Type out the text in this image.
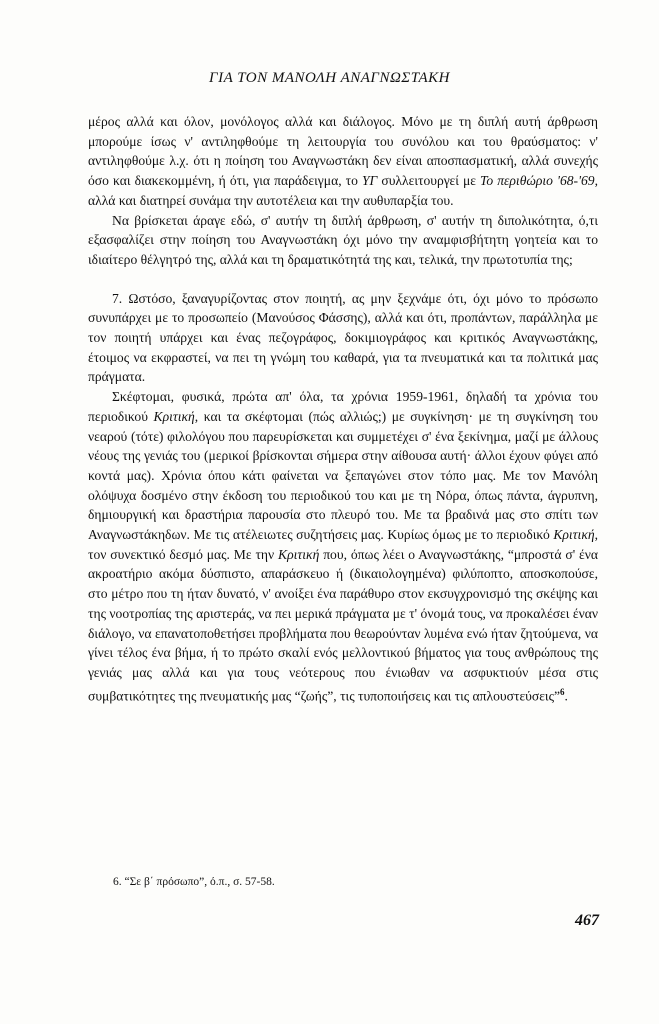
ΓΙΑ ΤΟΝ ΜΑΝΟΛΗ ΑΝΑΓΝΩΣΤΑΚΗ

μέρος αλλά και όλον, μονόλογος αλλά και διάλογος. Μόνο με τη διπλή αυτή άρθρωση μπορούμε ίσως ν' αντιληφθούμε τη λειτουργία του συνόλου και του θραύσματος: ν' αντιληφθούμε λ.χ. ότι η ποίηση του Αναγνωστάκη δεν είναι αποσπασματική, αλλά συνεχής όσο και διακεκομμένη, ή ότι, για παράδειγμα, το ΥΓ συλλειτουργεί με Το περιθώριο '68-'69, αλλά και διατηρεί συνάμα την αυτοτέλεια και την αυθυπαρξία του.

Να βρίσκεται άραγε εδώ, σ' αυτήν τη διπλή άρθρωση, σ' αυτήν τη διπολικότητα, ό,τι εξασφαλίζει στην ποίηση του Αναγνωστάκη όχι μόνο την αναμφισβήτητη γοητεία και το ιδιαίτερο θέλγητρό της, αλλά και τη δραματικότητά της και, τελικά, την πρωτοτυπία της;

7. Ωστόσο, ξαναγυρίζοντας στον ποιητή, ας μην ξεχνάμε ότι, όχι μόνο το πρόσωπο συνυπάρχει με το προσωπείο (Μανούσος Φάσσης), αλλά και ότι, προπάντων, παράλληλα με τον ποιητή υπάρχει και ένας πεζογράφος, δοκιμιογράφος και κριτικός Αναγνωστάκης, έτοιμος να εκφραστεί, να πει τη γνώμη του καθαρά, για τα πνευματικά και τα πολιτικά μας πράγματα.

Σκέφτομαι, φυσικά, πρώτα απ' όλα, τα χρόνια 1959-1961, δηλαδή τα χρόνια του περιοδικού Κριτική, και τα σκέφτομαι (πώς αλλιώς;) με συγκίνηση· με τη συγκίνηση του νεαρού (τότε) φιλολόγου που παρευρίσκεται και συμμετέχει σ' ένα ξεκίνημα, μαζί με άλλους νέους της γενιάς του (μερικοί βρίσκονται σήμερα στην αίθουσα αυτή· άλλοι έχουν φύγει από κοντά μας). Χρόνια όπου κάτι φαίνεται να ξεπαγώνει στον τόπο μας. Με τον Μανόλη ολόψυχα δοσμένο στην έκδοση του περιοδικού του και με τη Νόρα, όπως πάντα, άγρυπνη, δημιουργική και δραστήρια παρουσία στο πλευρό του. Με τα βραδινά μας στο σπίτι των Αναγνωστάκηδων. Με τις ατέλειωτες συζητήσεις μας. Κυρίως όμως με το περιοδικό Κριτική, τον συνεκτικό δεσμό μας. Με την Κριτική που, όπως λέει ο Αναγνωστάκης, “μπροστά σ' ένα ακροατήριο ακόμα δύσπιστο, απαράσκευο ή (δικαιολογημένα) φιλύποπτο, αποσκοπούσε, στο μέτρο που τη ήταν δυνατό, ν' ανοίξει ένα παράθυρο στον εκσυγχρονισμό της σκέψης και της νοοτροπίας της αριστεράς, να πει μερικά πράγματα με τ' όνομά τους, να προκαλέσει έναν διάλογο, να επανατοποθετήσει προβλήματα που θεωρούνταν λυμένα ενώ ήταν ζητούμενα, να γίνει τέλος ένα βήμα, ή το πρώτο σκαλί ενός μελλοντικού βήματος για τους ανθρώπους της γενιάς μας αλλά και για τους νεότερους που ένιωθαν να ασφυκτιούν μέσα στις συμβατικότητες της πνευματικής μας “ζωής”, τις τυποποιήσεις και τις απλουστεύσεις”$^6$.

6. “Σε β΄ πρόσωπο”, ό.π., σ. 57-58.
467
